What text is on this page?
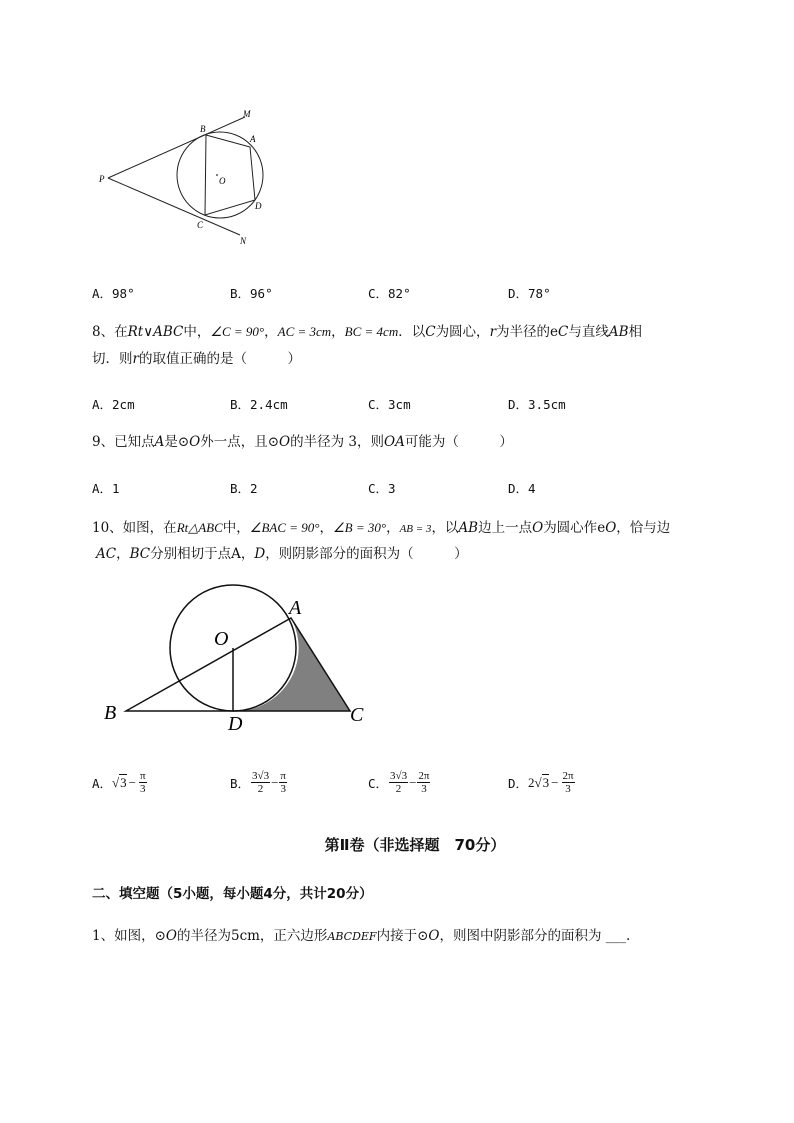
P
B
A
M
O
C
D
N
A．98°	B．96°	C．82°	D．78°
8、在Rt∨ABC中，∠C = 90°，AC = 3cm，BC = 4cm．以C为圆心，r为半径的eC与直线AB相
切．则r的取值正确的是（　　　）
A．2cm	B．2.4cm	C．3cm	D．3.5cm
9、已知点A是⊙O外一点，且⊙O的半径为 3，则OA可能为（　　　）
A．1	B．2	C．3	D．4
10、如图，在Rt△ABC中，∠BAC = 90°，∠B = 30°，AB = 3，以AB边上一点O为圆心作eO，恰与边
AC，BC分别相切于点A，D，则阴影部分的面积为（　　　）
A
O
B	D	C
A． √ $3 - \frac{\pi}{3}$	B． $\frac{3√3}{2} - \frac{\pi}{3}$	C． $\frac{3√3}{2} - \frac{2\pi}{3}$	D． 2 √ $3 - \frac{2\pi}{3}$
第Ⅱ卷（非选择题　70分）
二、填空题（5小题，每小题4分，共计20分）
1、如图，⊙O的半径为5cm，正六边形ABCDEF内接于⊙O，则图中阴影部分的面积为 ___.
